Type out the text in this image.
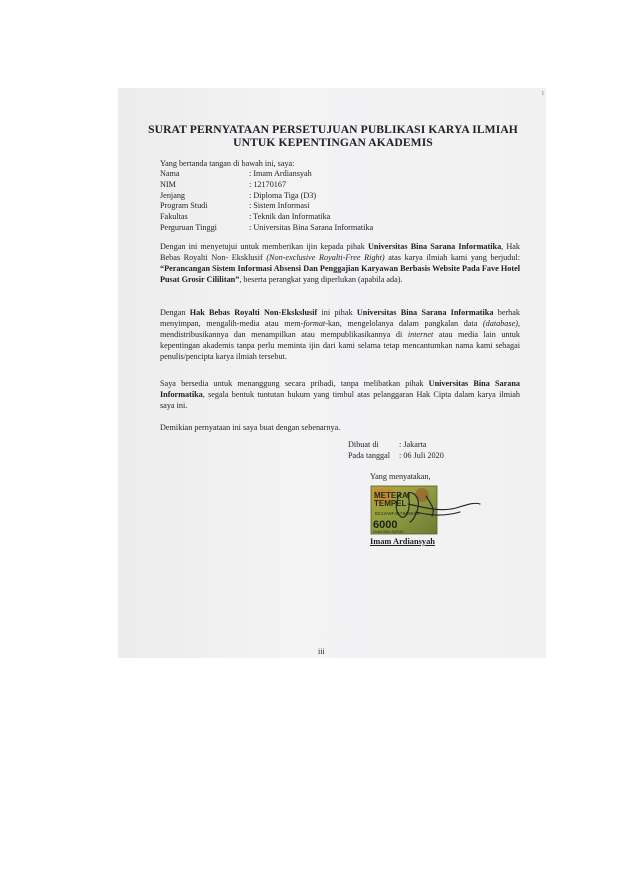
ı
SURAT PERNYATAAN PERSETUJUAN PUBLIKASI KARYA ILMIAH
UNTUK KEPENTINGAN AKADEMIS
Yang bertanda tangan di bawah ini, saya:
Nama	: Imam Ardiansyah
NIM	: 12170167
Jenjang	: Diploma Tiga (D3)
Program Studi	: Sistem Informasi
Fakultas	: Teknik dan Informatika
Perguruan Tinggi	: Universitas Bina Sarana Informatika
Dengan ini menyetujui untuk memberikan ijin kepada pihak Universitas Bina Sarana Informatika, Hak Bebas Royalti Non- Eksklusif (Non-exclusive Royalti-Free Right) atas karya ilmiah kami yang berjudul: “Perancangan Sistem Informasi Absensi Dan Penggajian Karyawan Berbasis Website Pada Fave Hotel Pusat Grosir Cililitan”, beserta perangkat yang diperlukan (apabila ada).
Dengan Hak Bebas Royalti Non-Ekskslusif ini pihak Universitas Bina Sarana Informatika berhak menyimpan, mengalih-media atau mem-format-kan, mengelolanya dalam pangkalan data (database), mendistribusikannya dan menampilkan atau mempublikasikannya di internet atau media lain untuk kepentingan akademis tanpa perlu meminta ijin dari kami selama tetap mencantumkan nama kami sebagai penulis/pencipta karya ilmiah tersebut.
Saya bersedia untuk menanggung secara pribadi, tanpa melibatkan pihak Universitas Bina Sarana Informatika, segala bentuk tuntutan hukum yang timbul atas pelanggaran Hak Cipta dalam karya ilmiah saya ini.
Demikian pernyataan ini saya buat dengan sebenarnya.
Dibuat di	: Jakarta
Pada tanggal	: 06 Juli 2020
Yang menyatakan,
METERAI
TEMPEL
BC22AHF467660685
6000
ENAM RIBU RUPIAH
Imam Ardiansyah
iii
